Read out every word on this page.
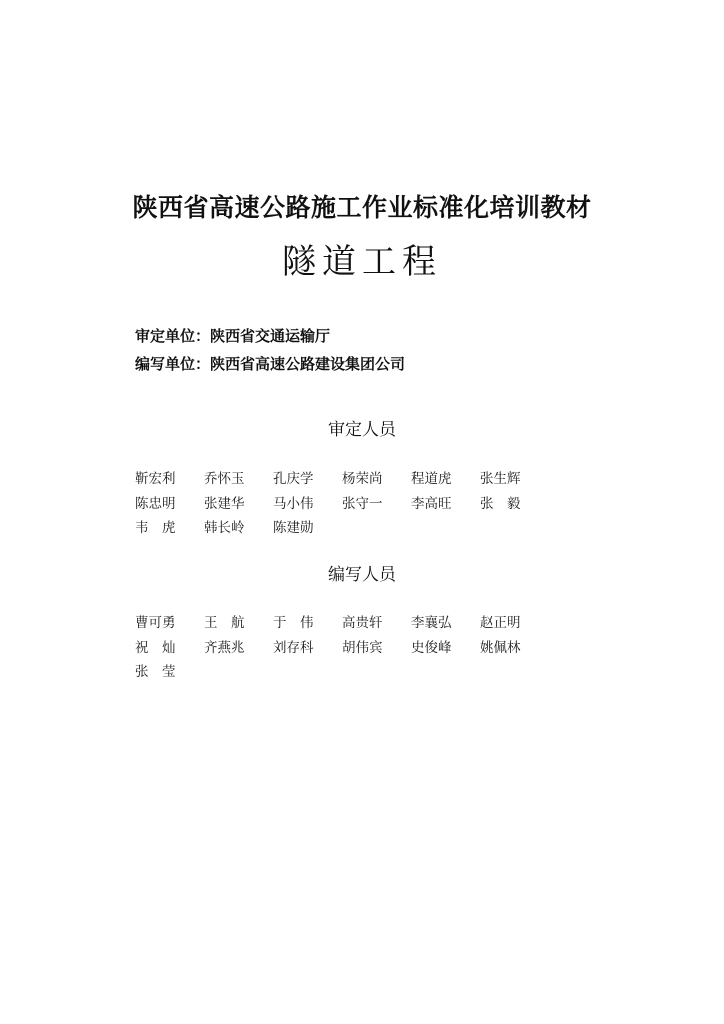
陕西省高速公路施工作业标准化培训教材
隧道工程
审定单位：陕西省交通运输厅
编写单位：陕西省高速公路建设集团公司
审定人员
靳宏利	乔怀玉	孔庆学	杨荣尚	程道虎	张生辉
陈忠明	张建华	马小伟	张守一	李高旺	张　毅
韦　虎	韩长岭	陈建勋
编写人员
曹可勇	王　航	于　伟	高贵轩	李襄弘	赵正明
祝　灿	齐燕兆	刘存科	胡伟宾	史俊峰	姚佩林
张　莹
